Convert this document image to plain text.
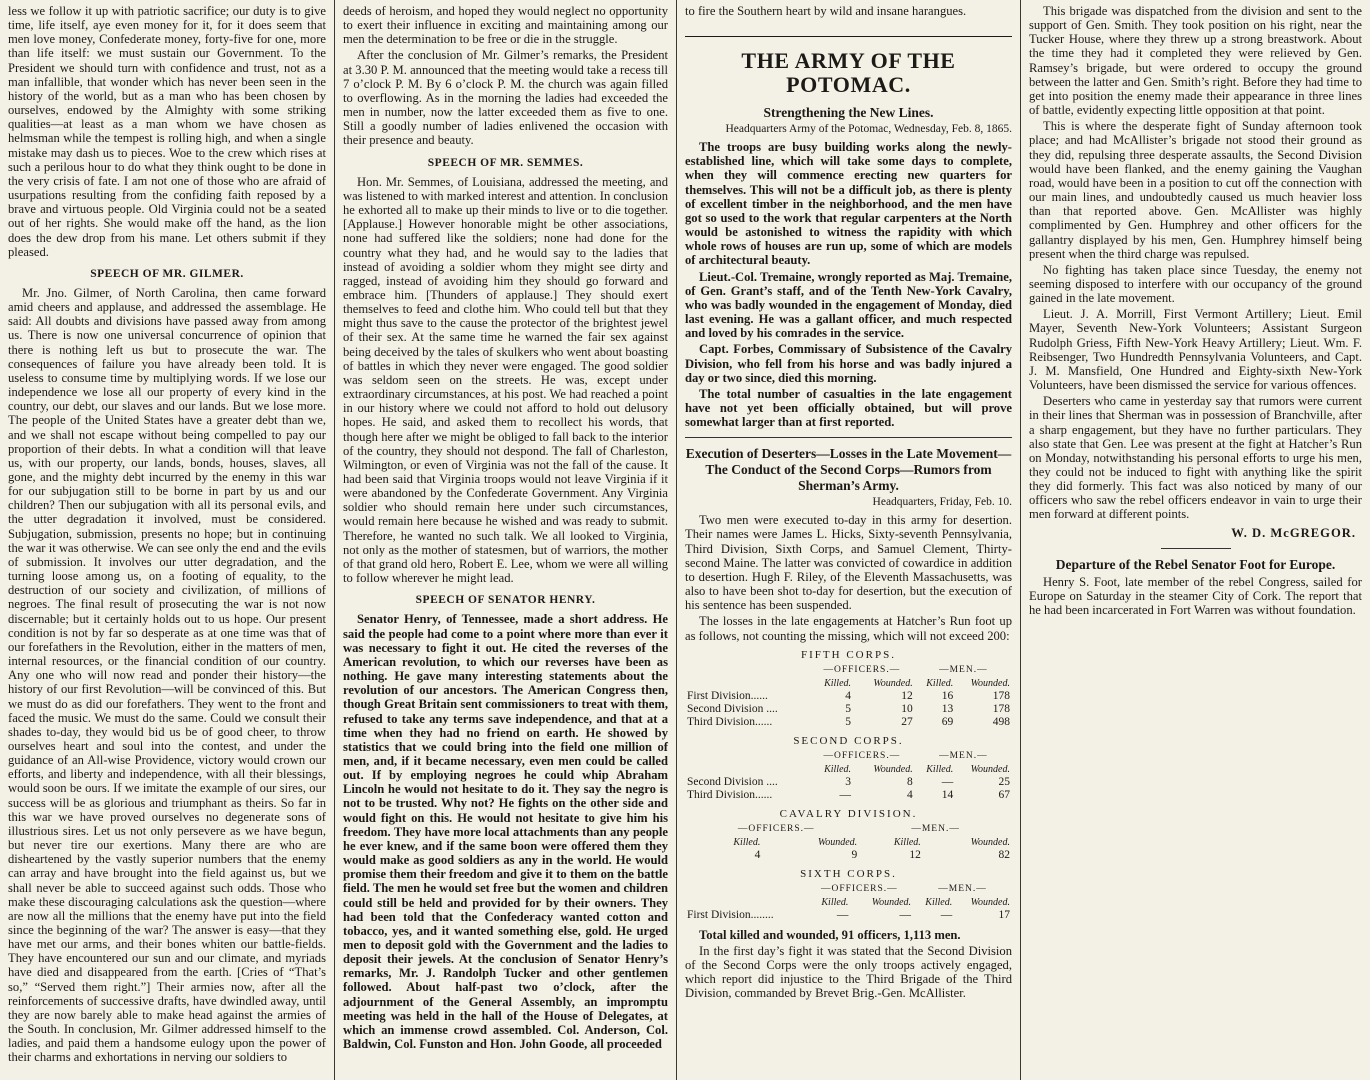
less we follow it up with patriotic sacrifice; our duty is to give time, life itself, aye even money for it, for it does seem that men love money, Confederate money, forty-five for one, more than life itself: we must sustain our Government. To the President we should turn with confidence and trust, not as a man infallible, that wonder which has never been seen in the history of the world, but as a man who has been chosen by ourselves, endowed by the Almighty with some striking qualities—at least as a man whom we have chosen as helmsman while the tempest is rolling high, and when a single mistake may dash us to pieces. Woe to the crew which rises at such a perilous hour to do what they think ought to be done in the very crisis of fate. I am not one of those who are afraid of usurpations resulting from the confiding faith reposed by a brave and virtuous people. Old Virginia could not be a seated out of her rights. She would make off the hand, as the lion does the dew drop from his mane. Let others submit if they pleased.

SPEECH OF MR. GILMER.

Mr. Jno. Gilmer, of North Carolina, then came forward amid cheers and applause, and addressed the assemblage. He said: All doubts and divisions have passed away from among us. There is now one universal concurrence of opinion that there is nothing left us but to prosecute the war. The consequences of failure you have already been told. It is useless to consume time by multiplying words. If we lose our independence we lose all our property of every kind in the country, our debt, our slaves and our lands. But we lose more. The people of the United States have a greater debt than we, and we shall not escape without being compelled to pay our proportion of their debts. In what a condition will that leave us, with our property, our lands, bonds, houses, slaves, all gone, and the mighty debt incurred by the enemy in this war for our subjugation still to be borne in part by us and our children? Then our subjugation with all its personal evils, and the utter degradation it involved, must be considered. Subjugation, submission, presents no hope; but in continuing the war it was otherwise. We can see only the end and the evils of submission. It involves our utter degradation, and the turning loose among us, on a footing of equality, to the destruction of our society and civilization, of millions of negroes. The final result of prosecuting the war is not now discernable; but it certainly holds out to us hope. Our present condition is not by far so desperate as at one time was that of our forefathers in the Revolution, either in the matters of men, internal resources, or the financial condition of our country. Any one who will now read and ponder their history—the history of our first Revolution—will be convinced of this. But we must do as did our forefathers. They went to the front and faced the music. We must do the same. Could we consult their shades to-day, they would bid us be of good cheer, to throw ourselves heart and soul into the contest, and under the guidance of an All-wise Providence, victory would crown our efforts, and liberty and independence, with all their blessings, would soon be ours. If we imitate the example of our sires, our success will be as glorious and triumphant as theirs. So far in this war we have proved ourselves no degenerate sons of illustrious sires. Let us not only persevere as we have begun, but never tire our exertions. Many there are who are disheartened by the vastly superior numbers that the enemy can array and have brought into the field against us, but we shall never be able to succeed against such odds. Those who make these discouraging calculations ask the question—where are now all the millions that the enemy have put into the field since the beginning of the war? The answer is easy—that they have met our arms, and their bones whiten our battle-fields. They have encountered our sun and our climate, and myriads have died and disappeared from the earth. [Cries of “That’s so,” “Served them right.”] Their armies now, after all the reinforcements of successive drafts, have dwindled away, until they are now barely able to make head against the armies of the South. In conclusion, Mr. Gilmer addressed himself to the ladies, and paid them a handsome eulogy upon the power of their charms and exhortations in nerving our soldiers to

deeds of heroism, and hoped they would neglect no opportunity to exert their influence in exciting and maintaining among our men the determination to be free or die in the struggle.

After the conclusion of Mr. Gilmer’s remarks, the President at 3.30 P. M. announced that the meeting would take a recess till 7 o’clock P. M. By 6 o’clock P. M. the church was again filled to overflowing. As in the morning the ladies had exceeded the men in number, now the latter exceeded them as five to one. Still a goodly number of ladies enlivened the occasion with their presence and beauty.

SPEECH OF MR. SEMMES.

Hon. Mr. Semmes, of Louisiana, addressed the meeting, and was listened to with marked interest and attention. In conclusion he exhorted all to make up their minds to live or to die together. [Applause.] However honorable might be other associations, none had suffered like the soldiers; none had done for the country what they had, and he would say to the ladies that instead of avoiding a soldier whom they might see dirty and ragged, instead of avoiding him they should go forward and embrace him. [Thunders of applause.] They should exert themselves to feed and clothe him. Who could tell but that they might thus save to the cause the protector of the brightest jewel of their sex. At the same time he warned the fair sex against being deceived by the tales of skulkers who went about boasting of battles in which they never were engaged. The good soldier was seldom seen on the streets. He was, except under extraordinary circumstances, at his post. We had reached a point in our history where we could not afford to hold out delusory hopes. He said, and asked them to recollect his words, that though here after we might be obliged to fall back to the interior of the country, they should not despond. The fall of Charleston, Wilmington, or even of Virginia was not the fall of the cause. It had been said that Virginia troops would not leave Virginia if it were abandoned by the Confederate Government. Any Virginia soldier who should remain here under such circumstances, would remain here because he wished and was ready to submit. Therefore, he wanted no such talk. We all looked to Virginia, not only as the mother of statesmen, but of warriors, the mother of that grand old hero, Robert E. Lee, whom we were all willing to follow wherever he might lead.

SPEECH OF SENATOR HENRY.

Senator Henry, of Tennessee, made a short address. He said the people had come to a point where more than ever it was necessary to fight it out. He cited the reverses of the American revolution, to which our reverses have been as nothing. He gave many interesting statements about the revolution of our ancestors. The American Congress then, though Great Britain sent commissioners to treat with them, refused to take any terms save independence, and that at a time when they had no friend on earth. He showed by statistics that we could bring into the field one million of men, and, if it became necessary, even men could be called out. If by employing negroes he could whip Abraham Lincoln he would not hesitate to do it. They say the negro is not to be trusted. Why not? He fights on the other side and would fight on this. He would not hesitate to give him his freedom. They have more local attachments than any people he ever knew, and if the same boon were offered them they would make as good soldiers as any in the world. He would promise them their freedom and give it to them on the battle field. The men he would set free but the women and children could still be held and provided for by their owners. They had been told that the Confederacy wanted cotton and tobacco, yes, and it wanted something else, gold. He urged men to deposit gold with the Government and the ladies to deposit their jewels. At the conclusion of Senator Henry’s remarks, Mr. J. Randolph Tucker and other gentlemen followed. About half-past two o’clock, after the adjournment of the General Assembly, an impromptu meeting was held in the hall of the House of Delegates, at which an immense crowd assembled. Col. Anderson, Col. Baldwin, Col. Funston and Hon. John Goode, all proceeded

to fire the Southern heart by wild and insane harangues.

THE ARMY OF THE POTOMAC.
Strengthening the New Lines.
Headquarters Army of the Potomac, Wednesday, Feb. 8, 1865.

The troops are busy building works along the newly-established line, which will take some days to complete, when they will commence erecting new quarters for themselves. This will not be a difficult job, as there is plenty of excellent timber in the neighborhood, and the men have got so used to the work that regular carpenters at the North would be astonished to witness the rapidity with which whole rows of houses are run up, some of which are models of architectural beauty.

Lieut.-Col. Tremaine, wrongly reported as Maj. Tremaine, of Gen. Grant’s staff, and of the Tenth New-York Cavalry, who was badly wounded in the engagement of Monday, died last evening. He was a gallant officer, and much respected and loved by his comrades in the service.

Capt. Forbes, Commissary of Subsistence of the Cavalry Division, who fell from his horse and was badly injured a day or two since, died this morning.

The total number of casualties in the late engagement have not yet been officially obtained, but will prove somewhat larger than at first reported.

Execution of Deserters—Losses in the Late Movement—The Conduct of the Second Corps—Rumors from Sherman’s Army.
Headquarters, Friday, Feb. 10.

Two men were executed to-day in this army for desertion. Their names were James L. Hicks, Sixty-seventh Pennsylvania, Third Division, Sixth Corps, and Samuel Clement, Thirty-second Maine. The latter was convicted of cowardice in addition to desertion. Hugh F. Riley, of the Eleventh Massachusetts, was also to have been shot to-day for desertion, but the execution of his sentence has been suspended.

The losses in the late engagements at Hatcher’s Run foot up as follows, not counting the missing, which will not exceed 200:

FIFTH CORPS.
	—OFFICERS.—		—MEN.—	
	Killed.	Wounded.	Killed.	Wounded.
First Division......	4	12	16	178
Second Division ....	5	10	13	178
Third Division......	5	27	69	498
SECOND CORPS.
	—OFFICERS.—		—MEN.—	
	Killed.	Wounded.	Killed.	Wounded.
Second Division ....	3	8	—	25
Third Division......	—	4	14	67
CAVALRY DIVISION.
	—OFFICERS.—		—MEN.—	
	Killed.	Wounded.	Killed.	Wounded.
	4	9	12	82
SIXTH CORPS.
	—OFFICERS.—		—MEN.—	
	Killed.	Wounded.	Killed.	Wounded.
First Division........	—	—	—	17

Total killed and wounded, 91 officers, 1,113 men.

In the first day’s fight it was stated that the Second Division of the Second Corps were the only troops actively engaged, which report did injustice to the Third Brigade of the Third Division, commanded by Brevet Brig.-Gen. McAllister.

This brigade was dispatched from the division and sent to the support of Gen. Smith. They took position on his right, near the Tucker House, where they threw up a strong breastwork. About the time they had it completed they were relieved by Gen. Ramsey’s brigade, but were ordered to occupy the ground between the latter and Gen. Smith’s right. Before they had time to get into position the enemy made their appearance in three lines of battle, evidently expecting little opposition at that point.

This is where the desperate fight of Sunday afternoon took place; and had McAllister’s brigade not stood their ground as they did, repulsing three desperate assaults, the Second Division would have been flanked, and the enemy gaining the Vaughan road, would have been in a position to cut off the connection with our main lines, and undoubtedly caused us much heavier loss than that reported above. Gen. McAllister was highly complimented by Gen. Humphrey and other officers for the gallantry displayed by his men, Gen. Humphrey himself being present when the third charge was repulsed.

No fighting has taken place since Tuesday, the enemy not seeming disposed to interfere with our occupancy of the ground gained in the late movement.

Lieut. J. A. Morrill, First Vermont Artillery; Lieut. Emil Mayer, Seventh New-York Volunteers; Assistant Surgeon Rudolph Griess, Fifth New-York Heavy Artillery; Lieut. Wm. F. Reibsenger, Two Hundredth Pennsylvania Volunteers, and Capt. J. M. Mansfield, One Hundred and Eighty-sixth New-York Volunteers, have been dismissed the service for various offences.

Deserters who came in yesterday say that rumors were current in their lines that Sherman was in possession of Branchville, after a sharp engagement, but they have no further particulars. They also state that Gen. Lee was present at the fight at Hatcher’s Run on Monday, notwithstanding his personal efforts to urge his men, they could not be induced to fight with anything like the spirit they did formerly. This fact was also noticed by many of our officers who saw the rebel officers endeavor in vain to urge their men forward at different points.

W. D. McGREGOR.
Departure of the Rebel Senator Foot for Europe.

Henry S. Foot, late member of the rebel Congress, sailed for Europe on Saturday in the steamer City of Cork. The report that he had been incarcerated in Fort Warren was without foundation.
